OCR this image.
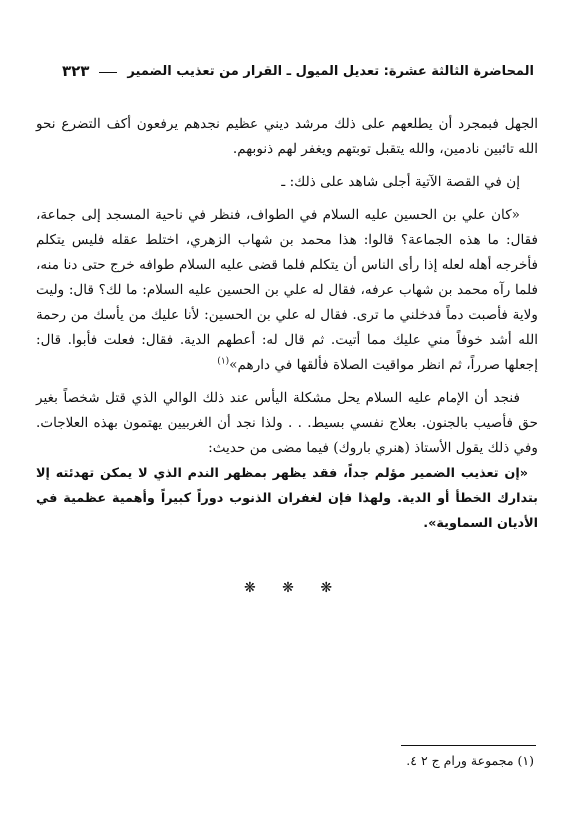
المحاضرة الثالثة عشرة: تعديل الميول ـ القرار من تعذيب الضمير
٣٢٣

الجهل فبمجرد أن يطلعهم على ذلك مرشد ديني عظيم نجدهم يرفعون أكف التضرع نحو الله تائبين نادمين، والله يتقبل توبتهم ويغفر لهم ذنوبهم.

إن في القصة الآتية أجلى شاهد على ذلك: ـ

«كان علي بن الحسين عليه السلام في الطواف، فنظر في ناحية المسجد إلى جماعة، فقال: ما هذه الجماعة؟ قالوا: هذا محمد بن شهاب الزهري، اختلط عقله فليس يتكلم فأخرجه أهله لعله إذا رأى الناس أن يتكلم فلما قضى عليه السلام طوافه خرج حتى دنا منه، فلما رآه محمد بن شهاب عرفه، فقال له علي بن الحسين عليه السلام: ما لك؟ قال: وليت ولاية فأصبت دماً فدخلني ما ترى. فقال له علي بن الحسين: لأنا عليك من يأسك من رحمة الله أشد خوفاً مني عليك مما أتيت. ثم قال له: أعطهم الدية. فقال: فعلت فأبوا. قال: إجعلها صرراً، ثم انظر مواقيت الصلاة فألقها في دارهم»$^{(١)}$

فنجد أن الإمام عليه السلام يحل مشكلة اليأس عند ذلك الوالي الذي قتل شخصاً بغير حق فأصيب بالجنون. بعلاج نفسي بسيط. . . ولذا نجد أن الغربيين يهتمون بهذه العلاجات. وفي ذلك يقول الأستاذ (هنري باروك) فيما مضى من حديث:

«إن تعذيب الضمير مؤلم جداً، فقد يظهر بمظهر الندم الذي لا يمكن تهدئته إلا بتدارك الخطأ أو الدية. ولهذا فإن لغفران الذنوب دوراً كبيراً وأهمية عظمية في الأديان السماوية».

❋ ❋ ❋
(١) مجموعة ورام ج ٢ ٤.
